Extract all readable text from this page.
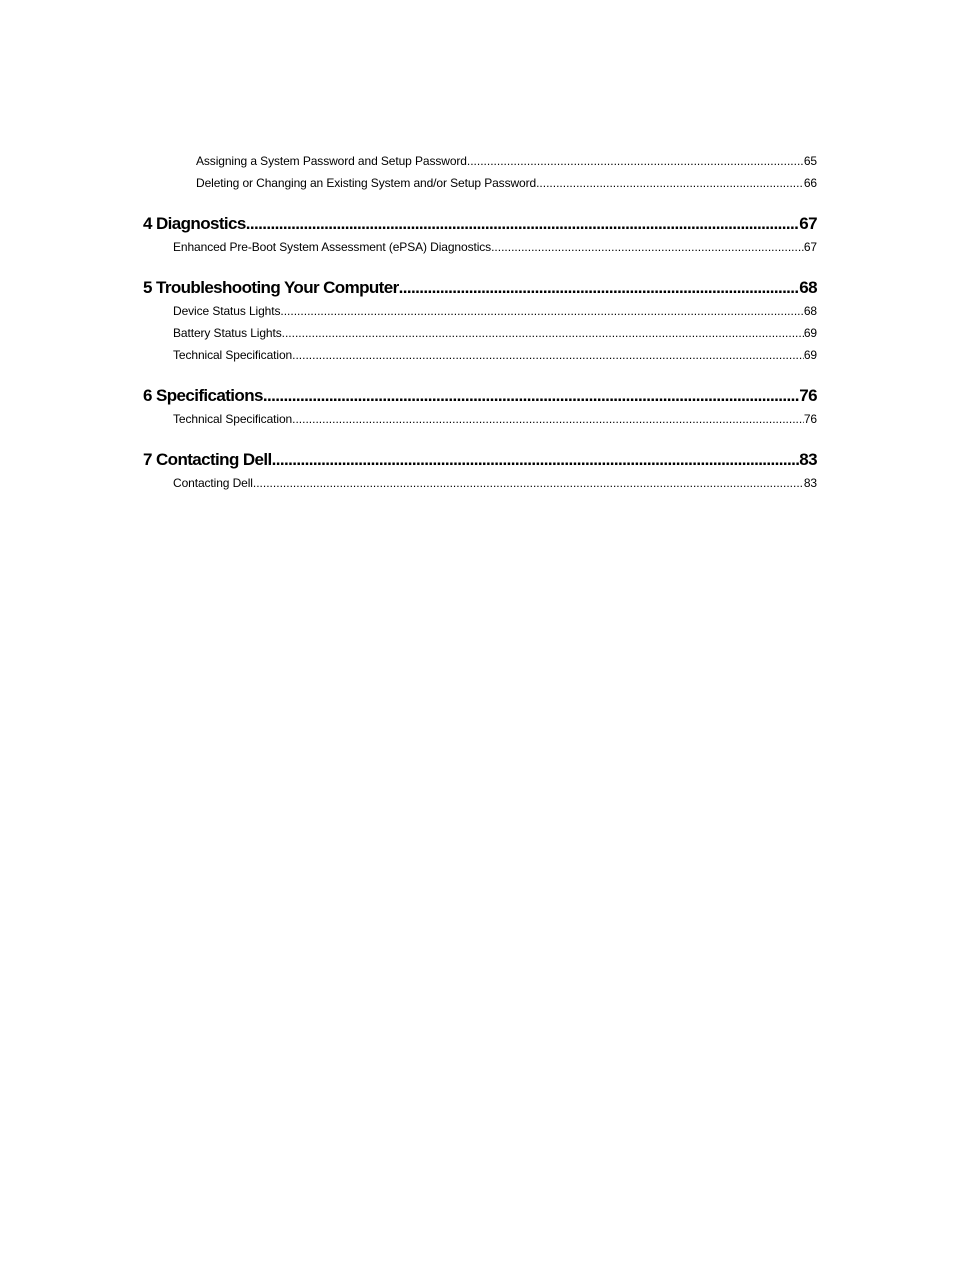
Assigning a System Password and Setup Password .....	65
Deleting or Changing an Existing System and/or Setup Password .....	66
4 Diagnostics .....	67
Enhanced Pre-Boot System Assessment (ePSA) Diagnostics .....	67
5 Troubleshooting Your Computer .....	68
Device Status Lights .....	68
Battery Status Lights .....	69
Technical Specification .....	69
6 Specifications .....	76
Technical Specification .....	76
7 Contacting Dell .....	83
Contacting Dell .....	83
